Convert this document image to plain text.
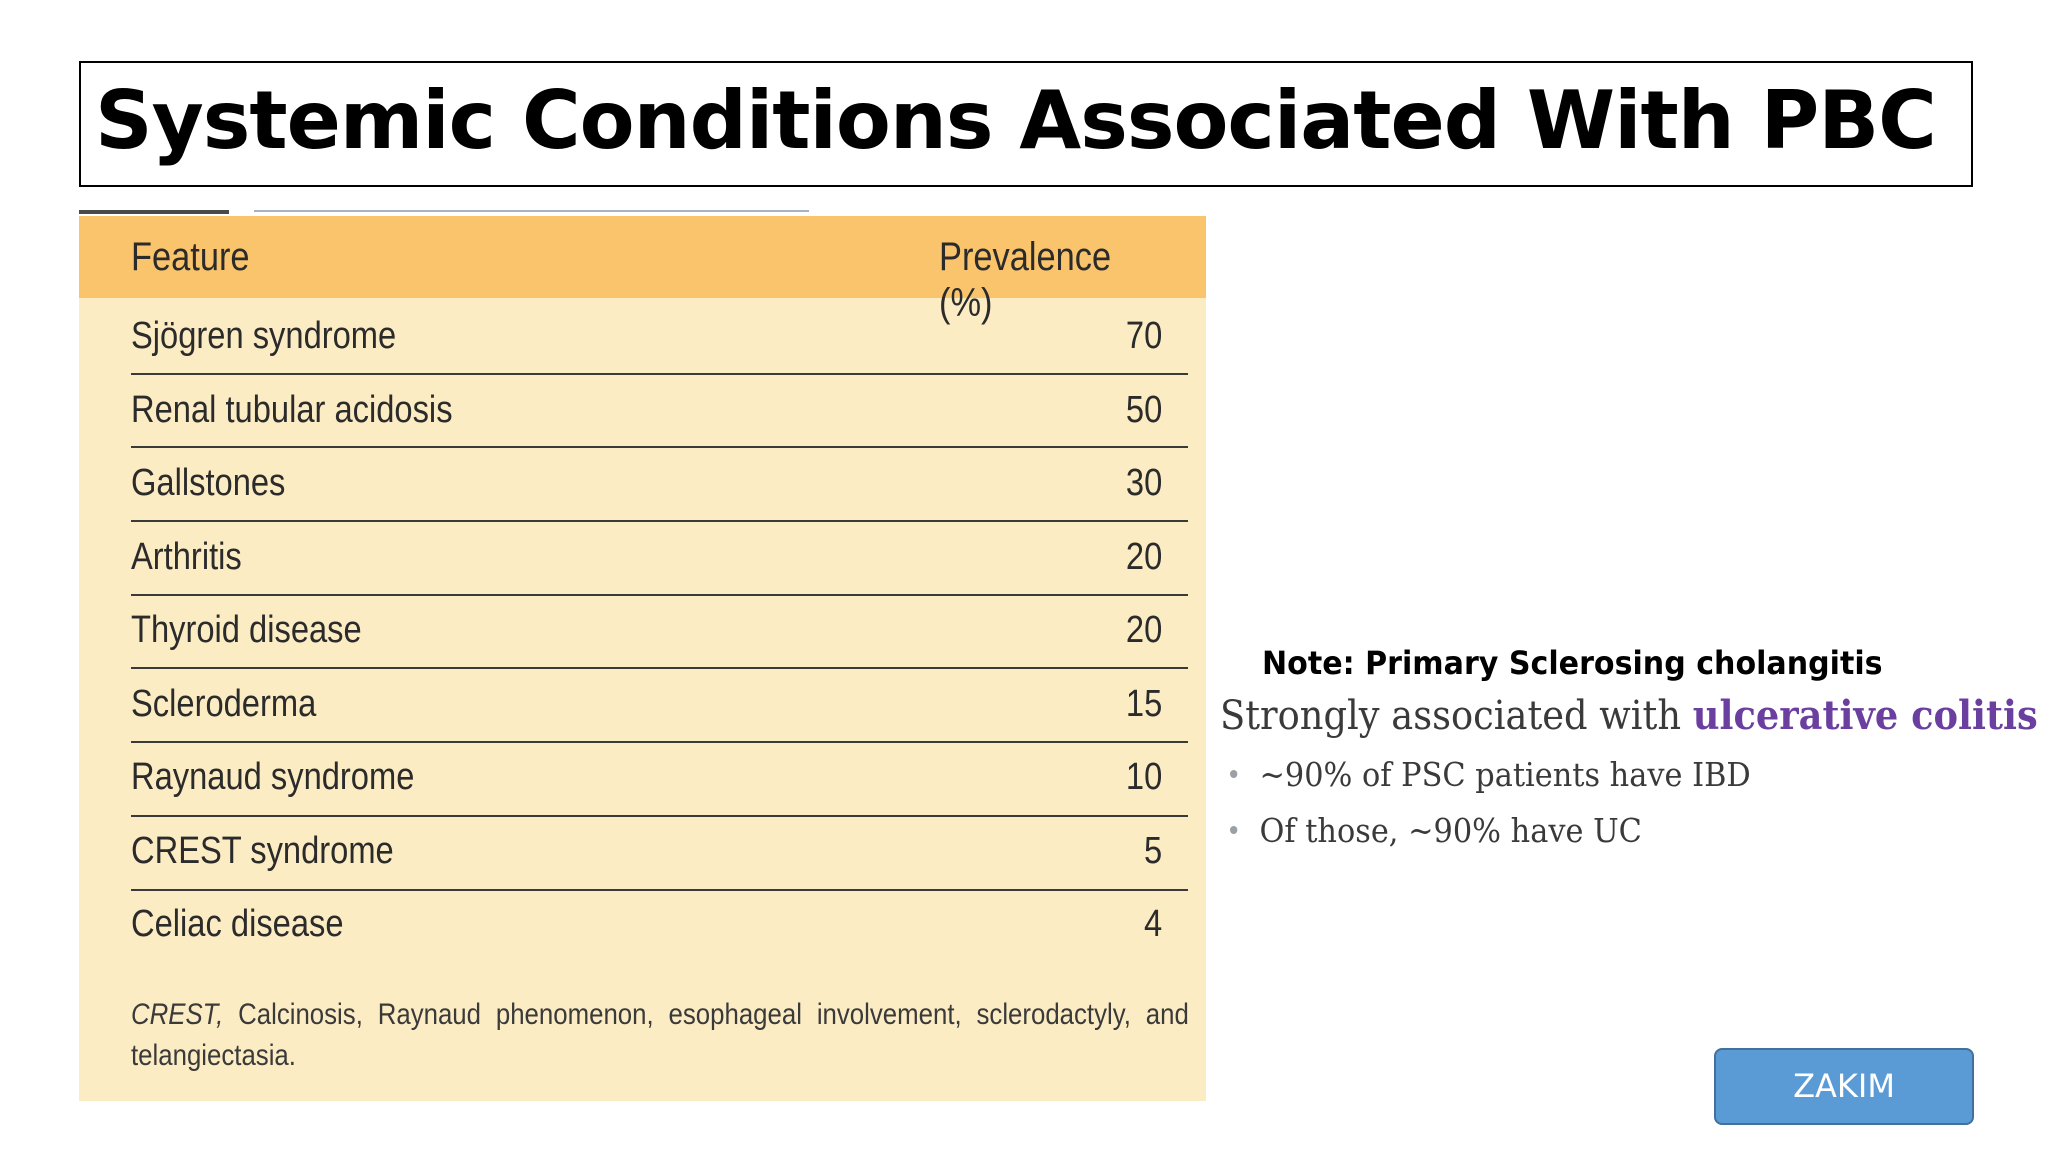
Systemic Conditions Associated With PBC
Feature	Prevalence (%)
Sjögren syndrome	70
Renal tubular acidosis	50
Gallstones	30
Arthritis	20
Thyroid disease	20
Scleroderma	15
Raynaud syndrome	10
CREST syndrome	5
Celiac disease	4
CREST, Calcinosis, Raynaud phenomenon, esophageal involvement, sclerodactyly, and telangiectasia.
Note: Primary Sclerosing cholangitis
Strongly associated with ulcerative colitis
~90% of PSC patients have IBD
Of those, ~90% have UC
ZAKIM
